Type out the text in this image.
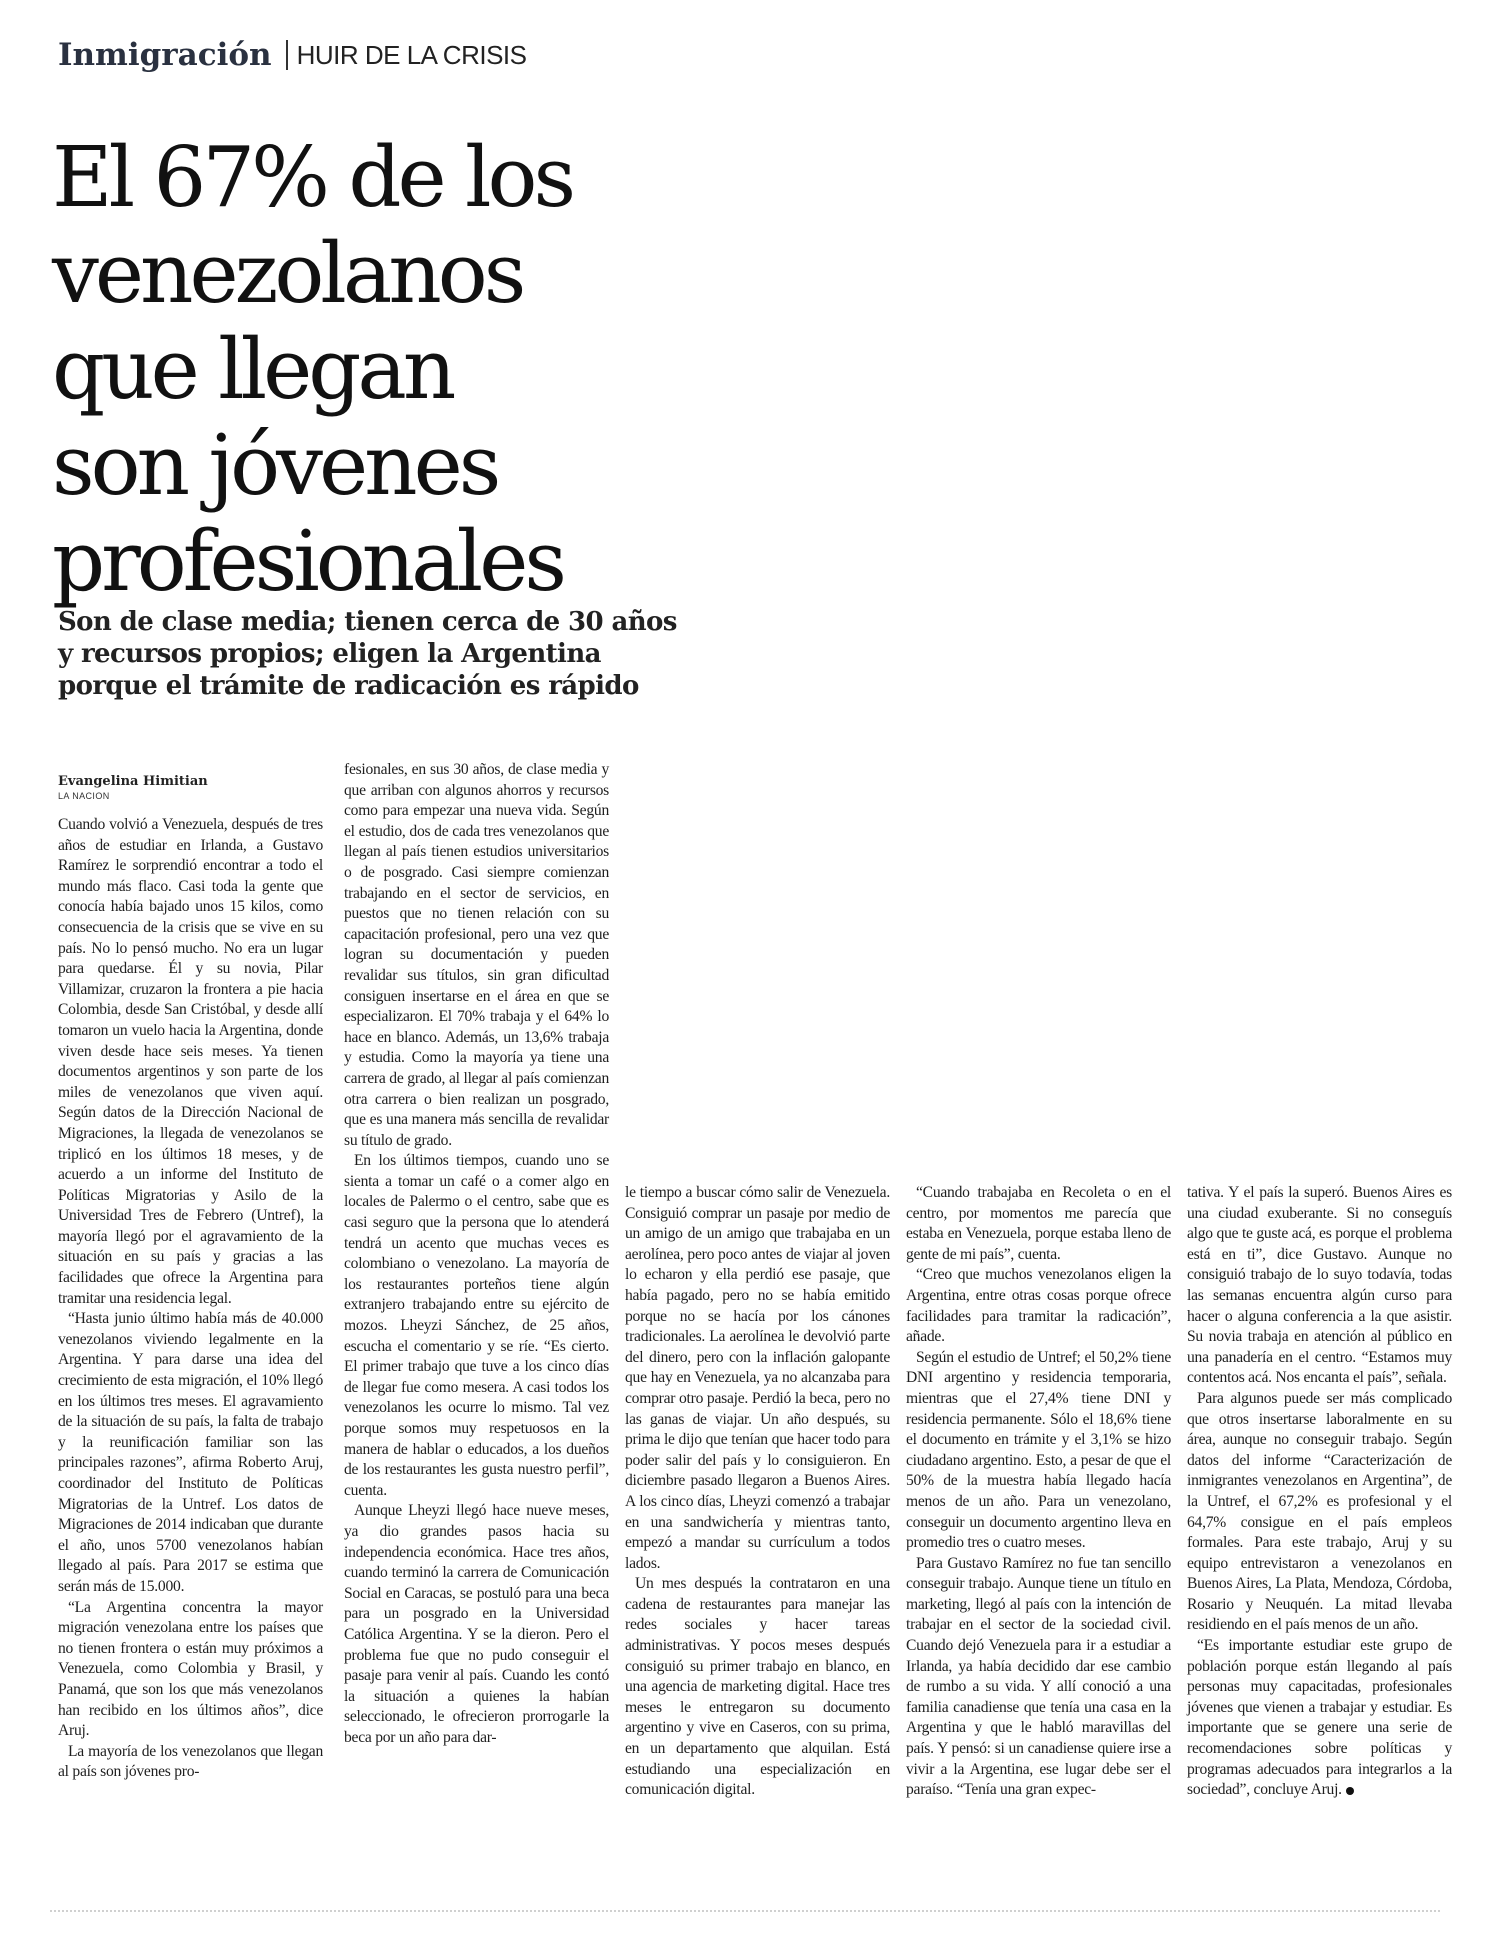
Inmigración HUIR DE LA CRISIS
El 67% de los
venezolanos
que llegan
son jóvenes
profesionales
Son de clase media; tienen cerca de 30 años
y recursos propios; eligen la Argentina
porque el trámite de radicación es rápido
Evangelina Himitian
LA NACION

Cuando volvió a Venezuela, después de tres años de estudiar en Irlanda, a Gustavo Ramírez le sorprendió encontrar a todo el mundo más flaco. Casi toda la gente que conocía había bajado unos 15 kilos, como consecuencia de la crisis que se vive en su país. No lo pensó mucho. No era un lugar para quedarse. Él y su novia, Pilar Villamizar, cruzaron la frontera a pie hacia Colombia, desde San Cristóbal, y desde allí tomaron un vuelo hacia la Argentina, donde viven desde hace seis meses. Ya tienen documentos argentinos y son parte de los miles de venezolanos que viven aquí. Según datos de la Dirección Nacional de Migraciones, la llegada de venezolanos se triplicó en los últimos 18 meses, y de acuerdo a un informe del Instituto de Políticas Migratorias y Asilo de la Universidad Tres de Febrero (Untref), la mayoría llegó por el agravamiento de la situación en su país y gracias a las facilidades que ofrece la Argentina para tramitar una residencia legal.

“Hasta junio último había más de 40.000 venezolanos viviendo legalmente en la Argentina. Y para darse una idea del crecimiento de esta migración, el 10% llegó en los últimos tres meses. El agravamiento de la situación de su país, la falta de trabajo y la reunificación familiar son las principales razones”, afirma Roberto Aruj, coordinador del Instituto de Políticas Migratorias de la Untref. Los datos de Migraciones de 2014 indicaban que durante el año, unos 5700 venezolanos habían llegado al país. Para 2017 se estima que serán más de 15.000.

“La Argentina concentra la mayor migración venezolana entre los países que no tienen frontera o están muy próximos a Venezuela, como Colombia y Brasil, y Panamá, que son los que más venezolanos han recibido en los últimos años”, dice Aruj.

La mayoría de los venezolanos que llegan al país son jóvenes pro-

fesionales, en sus 30 años, de clase media y que arriban con algunos ahorros y recursos como para empezar una nueva vida. Según el estudio, dos de cada tres venezolanos que llegan al país tienen estudios universitarios o de posgrado. Casi siempre comienzan trabajando en el sector de servicios, en puestos que no tienen relación con su capacitación profesional, pero una vez que logran su documentación y pueden revalidar sus títulos, sin gran dificultad consiguen insertarse en el área en que se especializaron. El 70% trabaja y el 64% lo hace en blanco. Además, un 13,6% trabaja y estudia. Como la mayoría ya tiene una carrera de grado, al llegar al país comienzan otra carrera o bien realizan un posgrado, que es una manera más sencilla de revalidar su título de grado.

En los últimos tiempos, cuando uno se sienta a tomar un café o a comer algo en locales de Palermo o el centro, sabe que es casi seguro que la persona que lo atenderá tendrá un acento que muchas veces es colombiano o venezolano. La mayoría de los restaurantes porteños tiene algún extranjero trabajando entre su ejército de mozos. Lheyzi Sánchez, de 25 años, escucha el comentario y se ríe. “Es cierto. El primer trabajo que tuve a los cinco días de llegar fue como mesera. A casi todos los venezolanos les ocurre lo mismo. Tal vez porque somos muy respetuosos en la manera de hablar o educados, a los dueños de los restaurantes les gusta nuestro perfil”, cuenta.

Aunque Lheyzi llegó hace nueve meses, ya dio grandes pasos hacia su independencia económica. Hace tres años, cuando terminó la carrera de Comunicación Social en Caracas, se postuló para una beca para un posgrado en la Universidad Católica Argentina. Y se la dieron. Pero el problema fue que no pudo conseguir el pasaje para venir al país. Cuando les contó la situación a quienes la habían seleccionado, le ofrecieron prorrogarle la beca por un año para dar-

le tiempo a buscar cómo salir de Venezuela. Consiguió comprar un pasaje por medio de un amigo de un amigo que trabajaba en un aerolínea, pero poco antes de viajar al joven lo echaron y ella perdió ese pasaje, que había pagado, pero no se había emitido porque no se hacía por los cánones tradicionales. La aerolínea le devolvió parte del dinero, pero con la inflación galopante que hay en Venezuela, ya no alcanzaba para comprar otro pasaje. Perdió la beca, pero no las ganas de viajar. Un año después, su prima le dijo que tenían que hacer todo para poder salir del país y lo consiguieron. En diciembre pasado llegaron a Buenos Aires. A los cinco días, Lheyzi comenzó a trabajar en una sandwichería y mientras tanto, empezó a mandar su currículum a todos lados.

Un mes después la contrataron en una cadena de restaurantes para manejar las redes sociales y hacer tareas administrativas. Y pocos meses después consiguió su primer trabajo en blanco, en una agencia de marketing digital. Hace tres meses le entregaron su documento argentino y vive en Caseros, con su prima, en un departamento que alquilan. Está estudiando una especialización en comunicación digital.

“Cuando trabajaba en Recoleta o en el centro, por momentos me parecía que estaba en Venezuela, porque estaba lleno de gente de mi país”, cuenta.

“Creo que muchos venezolanos eligen la Argentina, entre otras cosas porque ofrece facilidades para tramitar la radicación”, añade.

Según el estudio de Untref; el 50,2% tiene DNI argentino y residencia temporaria, mientras que el 27,4% tiene DNI y residencia permanente. Sólo el 18,6% tiene el documento en trámite y el 3,1% se hizo ciudadano argentino. Esto, a pesar de que el 50% de la muestra había llegado hacía menos de un año. Para un venezolano, conseguir un documento argentino lleva en promedio tres o cuatro meses.

Para Gustavo Ramírez no fue tan sencillo conseguir trabajo. Aunque tiene un título en marketing, llegó al país con la intención de trabajar en el sector de la sociedad civil. Cuando dejó Venezuela para ir a estudiar a Irlanda, ya había decidido dar ese cambio de rumbo a su vida. Y allí conoció a una familia canadiense que tenía una casa en la Argentina y que le habló maravillas del país. Y pensó: si un canadiense quiere irse a vivir a la Argentina, ese lugar debe ser el paraíso. “Tenía una gran expec-

tativa. Y el país la superó. Buenos Aires es una ciudad exuberante. Si no conseguís algo que te guste acá, es porque el problema está en ti”, dice Gustavo. Aunque no consiguió trabajo de lo suyo todavía, todas las semanas encuentra algún curso para hacer o alguna conferencia a la que asistir. Su novia trabaja en atención al público en una panadería en el centro. “Estamos muy contentos acá. Nos encanta el país”, señala.

Para algunos puede ser más complicado que otros insertarse laboralmente en su área, aunque no conseguir trabajo. Según datos del informe “Caracterización de inmigrantes venezolanos en Argentina”, de la Untref, el 67,2% es profesional y el 64,7% consigue en el país empleos formales. Para este trabajo, Aruj y su equipo entrevistaron a venezolanos en Buenos Aires, La Plata, Mendoza, Córdoba, Rosario y Neuquén. La mitad llevaba residiendo en el país menos de un año.

“Es importante estudiar este grupo de población porque están llegando al país personas muy capacitadas, profesionales jóvenes que vienen a trabajar y estudiar. Es importante que se genere una serie de recomendaciones sobre políticas y programas adecuados para integrarlos a la sociedad”, concluye Aruj.
